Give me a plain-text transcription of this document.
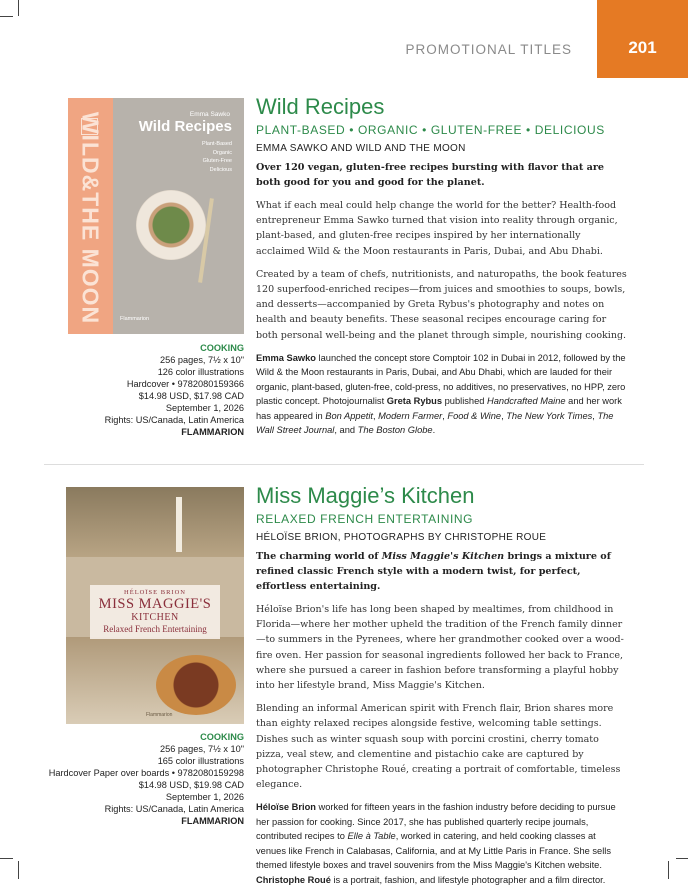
PROMOTIONAL TITLES	201
WILD&THE MOON	Emma Sawko
Wild Recipes
Plant-Based
Organic
Gluten-Free
Delicious
Flammarion
COOKING
256 pages, 7½ x 10"
126 color illustrations
Hardcover • 9782080159366
$14.98 USD, $17.98 CAD
September 1, 2026
Rights: US/Canada, Latin America
FLAMMARION
Wild Recipes
PLANT-BASED • ORGANIC • GLUTEN-FREE • DELICIOUS
EMMA SAWKO AND WILD AND THE MOON
Over 120 vegan, gluten-free recipes bursting with flavor that are both good for you and good for the planet.
What if each meal could help change the world for the better? Health-food entrepreneur Emma Sawko turned that vision into reality through organic, plant-based, and gluten-free recipes inspired by her internationally acclaimed Wild & the Moon restaurants in Paris, Dubai, and Abu Dhabi.
Created by a team of chefs, nutritionists, and naturopaths, the book features 120 superfood-enriched recipes—from juices and smoothies to soups, bowls, and desserts—accompanied by Greta Rybus's photography and notes on health and beauty benefits. These seasonal recipes encourage caring for both personal well-being and the planet through simple, nourishing cooking.
Emma Sawko launched the concept store Comptoir 102 in Dubai in 2012, followed by the Wild & the Moon restaurants in Paris, Dubai, and Abu Dhabi, which are lauded for their organic, plant-based, gluten-free, cold-press, no additives, no preservatives, no HPP, zero plastic concept. Photojournalist Greta Rybus published Handcrafted Maine and her work has appeared in Bon Appetit, Modern Farmer, Food & Wine, The New York Times, The Wall Street Journal, and The Boston Globe.
HÉLOÏSE BRION
MISS MAGGIE'S
KITCHEN
Relaxed French Entertaining
Flammarion
COOKING
256 pages, 7½ x 10"
165 color illustrations
Hardcover Paper over boards • 9782080159298
$14.98 USD, $19.98 CAD
September 1, 2026
Rights: US/Canada, Latin America
FLAMMARION
Miss Maggie’s Kitchen
RELAXED FRENCH ENTERTAINING
HÉLOÏSE BRION, PHOTOGRAPHS BY CHRISTOPHE ROUE
The charming world of Miss Maggie's Kitchen brings a mixture of refined classic French style with a modern twist, for perfect, effortless entertaining.
Héloïse Brion's life has long been shaped by mealtimes, from childhood in Florida—where her mother upheld the tradition of the French family dinner—to summers in the Pyrenees, where her grandmother cooked over a wood-fire oven. Her passion for seasonal ingredients followed her back to France, where she pursued a career in fashion before transforming a playful hobby into her lifestyle brand, Miss Maggie's Kitchen.
Blending an informal American spirit with French flair, Brion shares more than eighty relaxed recipes alongside festive, welcoming table settings. Dishes such as winter squash soup with porcini crostini, cherry tomato pizza, veal stew, and clementine and pistachio cake are captured by photographer Christophe Roué, creating a portrait of comfortable, timeless elegance.
Héloïse Brion worked for fifteen years in the fashion industry before deciding to pursue her passion for cooking. Since 2017, she has published quarterly recipe journals, contributed recipes to Elle à Table, worked in catering, and held cooking classes at venues like French in Calabasas, California, and at My Little Paris in France. She sells themed lifestyle boxes and travel souvenirs from the Miss Maggie's Kitchen website. Christophe Roué is a portrait, fashion, and lifestyle photographer and a film director.
